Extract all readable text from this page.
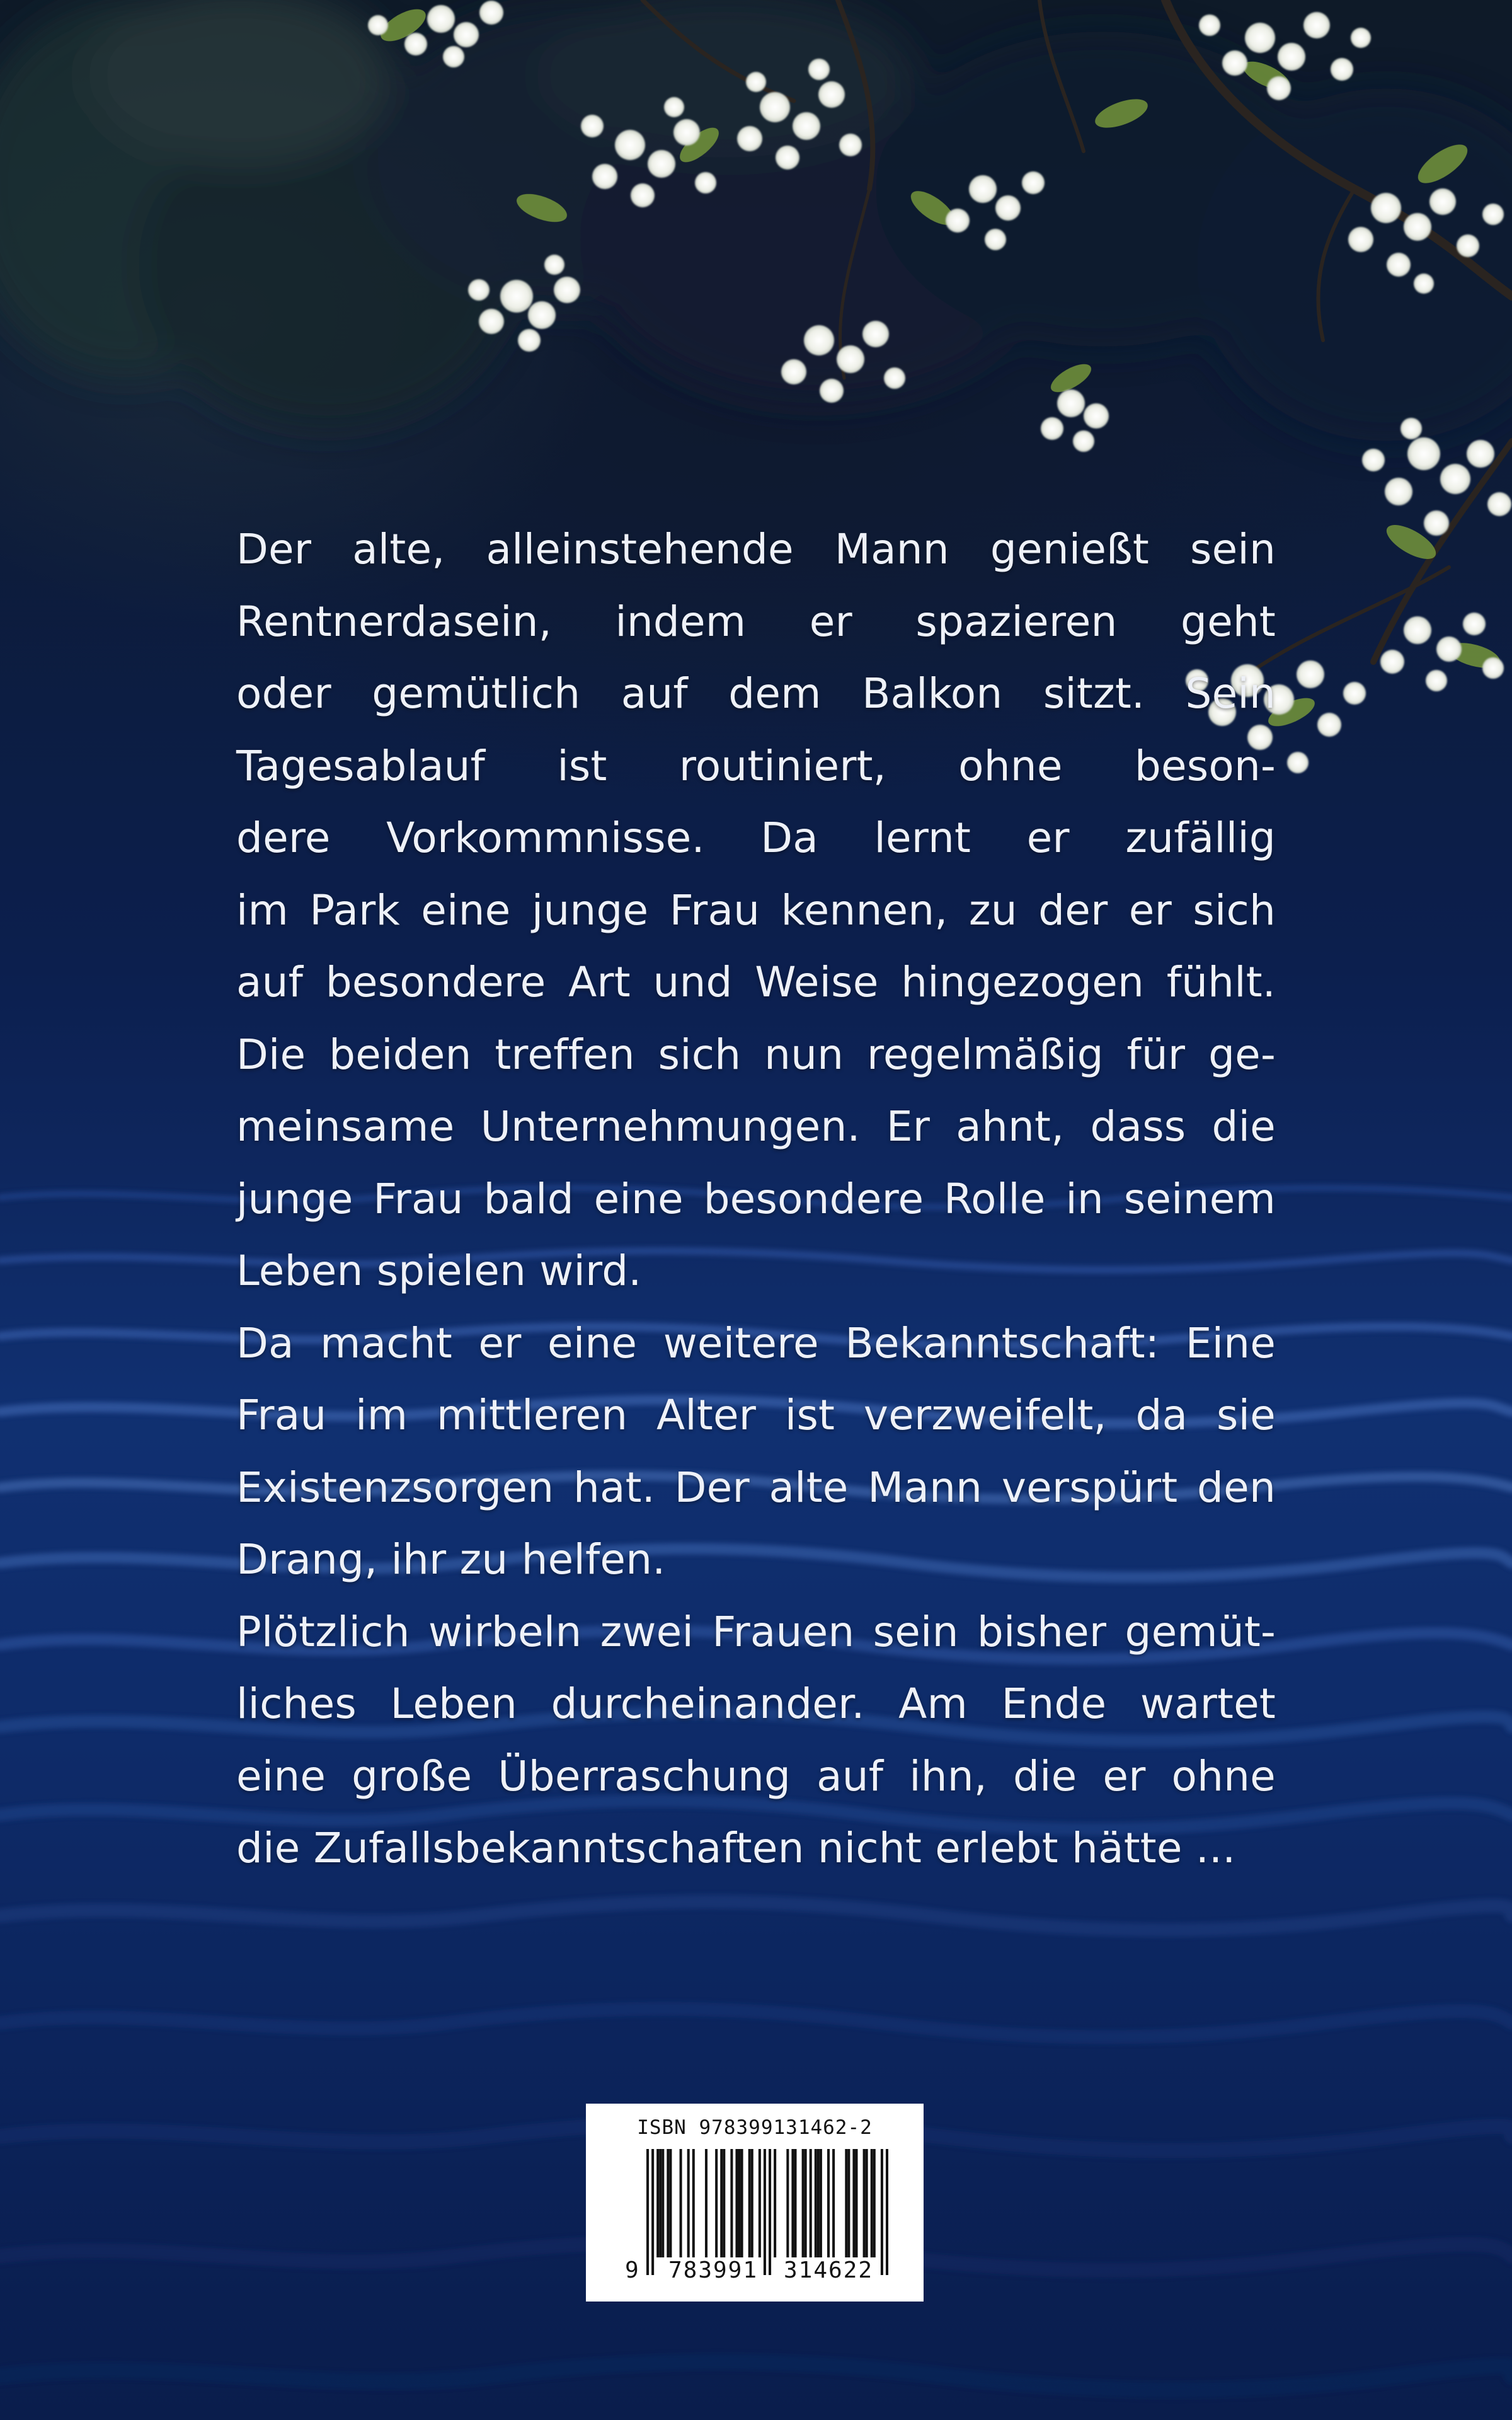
Der alte, alleinstehende Mann genießt sein
Rentnerdasein, indem er spazieren geht
oder gemütlich auf dem Balkon sitzt. Sein
Tagesablauf ist routiniert, ohne beson-
dere Vorkommnisse. Da lernt er zufällig
im Park eine junge Frau kennen, zu der er sich
auf besondere Art und Weise hingezogen fühlt.
Die beiden treffen sich nun regelmäßig für ge-
meinsame Unternehmungen. Er ahnt, dass die
junge Frau bald eine besondere Rolle in seinem
Leben spielen wird.
Da macht er eine weitere Bekanntschaft: Eine
Frau im mittleren Alter ist verzweifelt, da sie
Existenzsorgen hat. Der alte Mann verspürt den
Drang, ihr zu helfen.
Plötzlich wirbeln zwei Frauen sein bisher gemüt-
liches Leben durcheinander. Am Ende wartet
eine große Überraschung auf ihn, die er ohne
die Zufallsbekanntschaften nicht erlebt hätte ...
ISBN 978399131462-2
9 783991	314622
